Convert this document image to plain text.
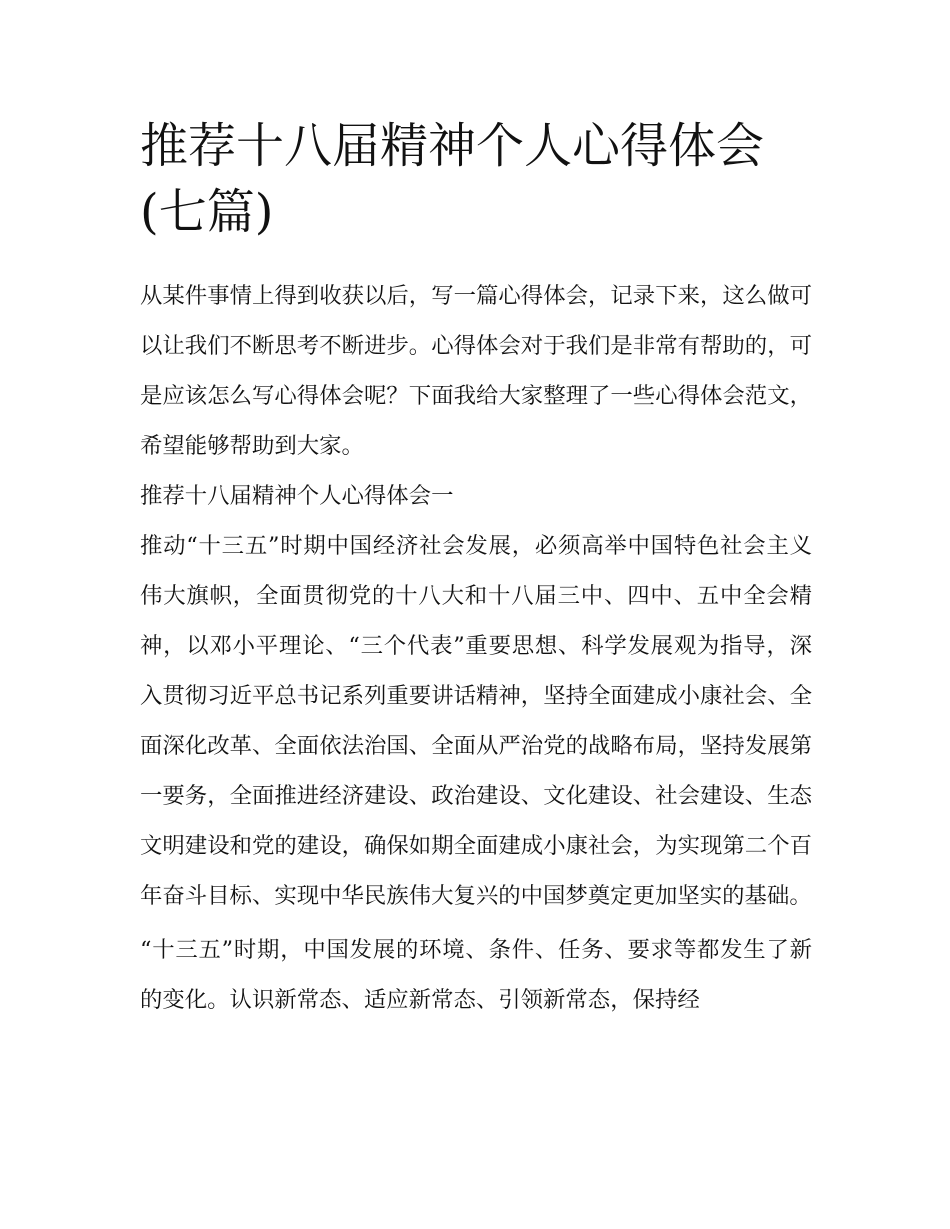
推荐十八届精神个人心得体会(七篇)

从某件事情上得到收获以后，写一篇心得体会，记录下来，这么做可以让我们不断思考不断进步。心得体会对于我们是非常有帮助的，可是应该怎么写心得体会呢？下面我给大家整理了一些心得体会范文，希望能够帮助到大家。

推荐十八届精神个人心得体会一

推动“十三五”时期中国经济社会发展，必须高举中国特色社会主义伟大旗帜，全面贯彻党的十八大和十八届三中、四中、五中全会精神，以邓小平理论、“三个代表”重要思想、科学发展观为指导，深入贯彻习近平总书记系列重要讲话精神，坚持全面建成小康社会、全面深化改革、全面依法治国、全面从严治党的战略布局，坚持发展第一要务，全面推进经济建设、政治建设、文化建设、社会建设、生态文明建设和党的建设，确保如期全面建成小康社会，为实现第二个百年奋斗目标、实现中华民族伟大复兴的中国梦奠定更加坚实的基础。

“十三五”时期，中国发展的环境、条件、任务、要求等都发生了新的变化。认识新常态、适应新常态、引领新常态，保持经
